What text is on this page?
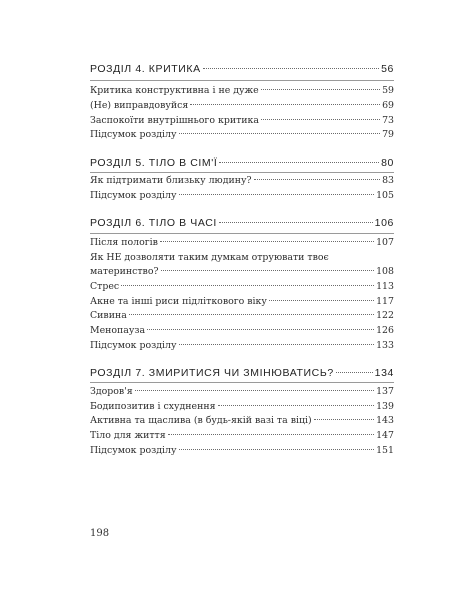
РОЗДІЛ 4. КРИТИКА	56
Критика конструктивна і не дуже	59
(Не) виправдовуйся	69
Заспокоїти внутрішнього критика	73
Підсумок розділу	79
РОЗДІЛ 5. ТІЛО В СІМ'Ї	80
Як підтримати близьку людину?	83
Підсумок розділу	105
РОЗДІЛ 6. ТІЛО В ЧАСІ	106
Після пологів	107
Як НЕ дозволяти таким думкам отруювати твоє
материнство?	108
Стрес	113
Акне та інші риси підліткового віку	117
Сивина	122
Менопауза	126
Підсумок розділу	133
РОЗДІЛ 7. ЗМИРИТИСЯ ЧИ ЗМІНЮВАТИСЬ?	134
Здоров'я	137
Бодипозитив і схуднення	139
Активна та щаслива (в будь-якій вазі та віці)	143
Тіло для життя	147
Підсумок розділу	151
198
